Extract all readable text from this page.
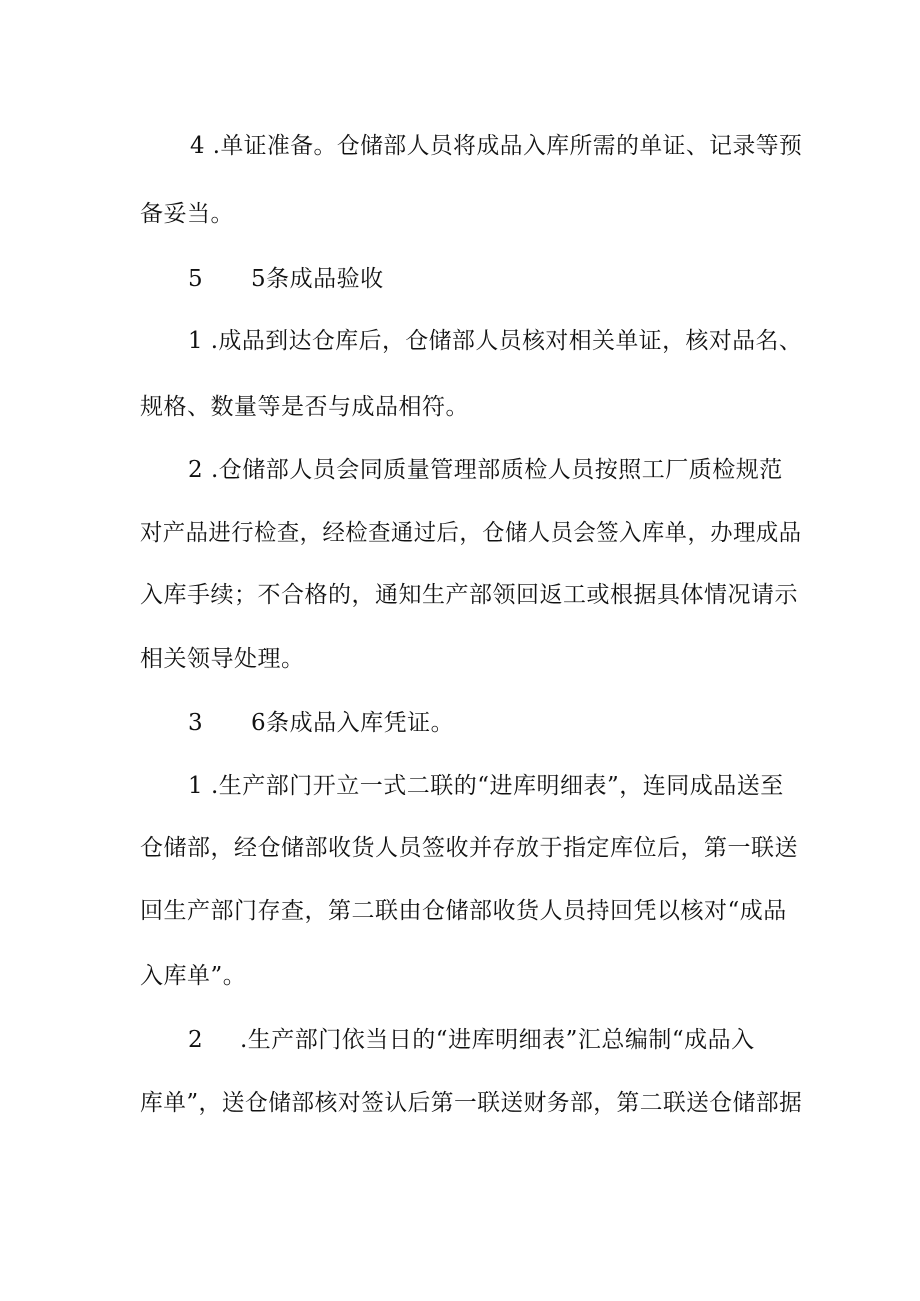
4 .单证准备。仓储部人员将成品入库所需的单证、记录等预
备妥当。
5 5条成品验收
1 .成品到达仓库后，仓储部人员核对相关单证，核对品名、
规格、数量等是否与成品相符。
2 .仓储部人员会同质量管理部质检人员按照工厂质检规范
对产品进行检查，经检查通过后，仓储人员会签入库单，办理成品
入库手续；不合格的，通知生产部领回返工或根据具体情况请示
相关领导处理。
3 6条成品入库凭证。
1 .生产部门开立一式二联的“进库明细表”，连同成品送至
仓储部，经仓储部收货人员签收并存放于指定库位后，第一联送
回生产部门存查，第二联由仓储部收货人员持回凭以核对“成品
入库单”。
2 .生产部门依当日的“进库明细表”汇总编制“成品入
库单”，送仓储部核对签认后第一联送财务部，第二联送仓储部据
